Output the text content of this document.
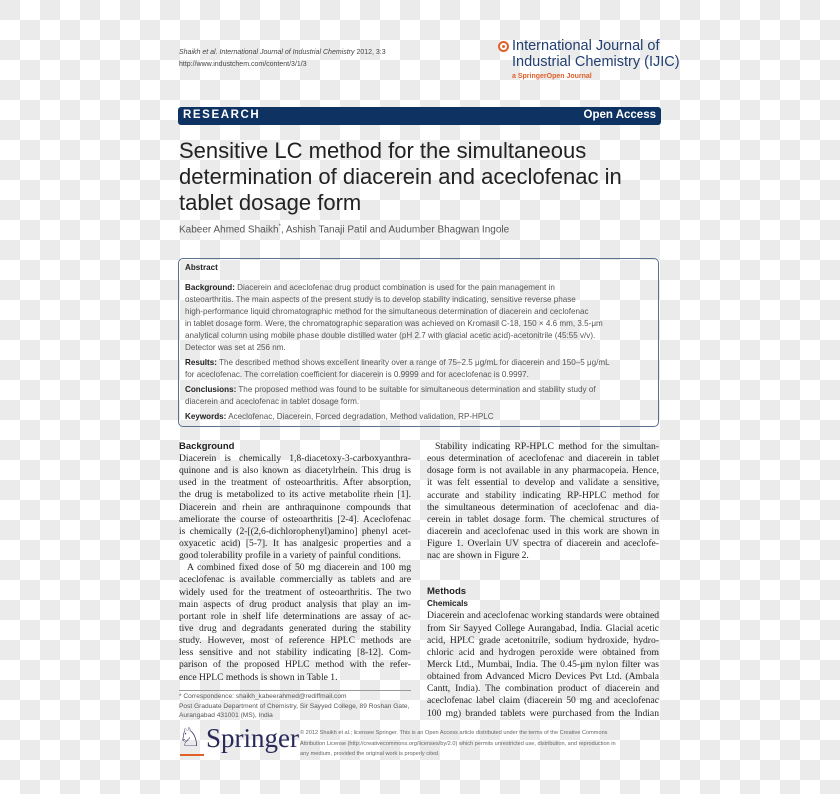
Shaikh et al. International Journal of Industrial Chemistry 2012, 3:3
http://www.industchem.com/content/3/1/3
International Journal of
Industrial Chemistry (IJIC)
a SpringerOpen Journal
RESEARCH	Open Access
Sensitive LC method for the simultaneous
determination of diacerein and aceclofenac in
tablet dosage form
Kabeer Ahmed Shaikh*, Ashish Tanaji Patil and Audumber Bhagwan Ingole
Abstract
Background: Diacerein and aceclofenac drug product combination is used for the pain management in
osteoarthritis. The main aspects of the present study is to develop stability indicating, sensitive reverse phase
high-performance liquid chromatographic method for the simultaneous determination of diacerein and ceclofenac
in tablet dosage form. Were, the chromatographic separation was achieved on Kromasil C-18, 150 × 4.6 mm, 3.5-μm
analytical column using mobile phase double distilled water (pH 2.7 with glacial acetic acid)-acetonitrile (45:55 v/v).
Detector was set at 256 nm.
Results: The described method shows excellent linearity over a range of 75–2.5 μg/mL for diacerein and 150–5 μg/mL
for aceclofenac. The correlation coefficient for diacerein is 0.9999 and for aceclofenac is 0.9997.
Conclusions: The proposed method was found to be suitable for simultaneous determination and stability study of
diacerein and aceclofenac in tablet dosage form.
Keywords: Aceclofenac, Diacerein, Forced degradation, Method validation, RP-HPLC
Background
Diacerein is chemically 1,8-diacetoxy-3-carboxyanthra-
quinone and is also known as diacetylrhein. This drug is
used in the treatment of osteoarthritis. After absorption,
the drug is metabolized to its active metabolite rhein [1].
Diacerein and rhein are anthraquinone compounds that
ameliorate the course of osteoarthritis [2-4]. Aceclofenac
is chemically (2-[(2,6-dichlorophenyl)amino] phenyl acet-
oxyacetic acid) [5-7]. It has analgesic properties and a
good tolerability profile in a variety of painful conditions.
A combined fixed dose of 50 mg diacerein and 100 mg
aceclofenac is available commercially as tablets and are
widely used for the treatment of osteoarthritis. The two
main aspects of drug product analysis that play an im-
portant role in shelf life determinations are assay of ac-
tive drug and degradants generated during the stability
study. However, most of reference HPLC methods are
less sensitive and not stability indicating [8-12]. Com-
parison of the proposed HPLC method with the refer-
ence HPLC methods is shown in Table 1.
Stability indicating RP-HPLC method for the simultan-
eous determination of aceclofenac and diacerein in tablet
dosage form is not available in any pharmacopeia. Hence,
it was felt essential to develop and validate a sensitive,
accurate and stability indicating RP-HPLC method for
the simultaneous determination of aceclofenac and dia-
cerein in tablet dosage form. The chemical structures of
diacerein and aceclofenac used in this work are shown in
Figure 1. Overlain UV spectra of diacerein and aceclofe-
nac are shown in Figure 2.
Methods
Chemicals
Diacerein and aceclofenac working standards were obtained
from Sir Sayyed College Aurangabad, India. Glacial acetic
acid, HPLC grade acetonitrile, sodium hydroxide, hydro-
chloric acid and hydrogen peroxide were obtained from
Merck Ltd., Mumbai, India. The 0.45-μm nylon filter was
obtained from Advanced Micro Devices Pvt Ltd. (Ambala
Cantt, India). The combination product of diacerein and
aceclofenac label claim (diacerein 50 mg and aceclofenac
100 mg) branded tablets were purchased from the Indian
* Correspondence: shaikh_kabeerahmed@rediffmail.com
Post Graduate Department of Chemistry, Sir Sayyed College, 89 Roshan Gate,
Aurangabad 431001 (MS), India
♘ Springer © 2012 Shaikh et al.; licensee Springer. This is an Open Access article distributed under the terms of the Creative Commons
Attribution License (http://creativecommons.org/licenses/by/2.0) which permits unrestricted use, distribution, and reproduction in
any medium, provided the original work is properly cited.
